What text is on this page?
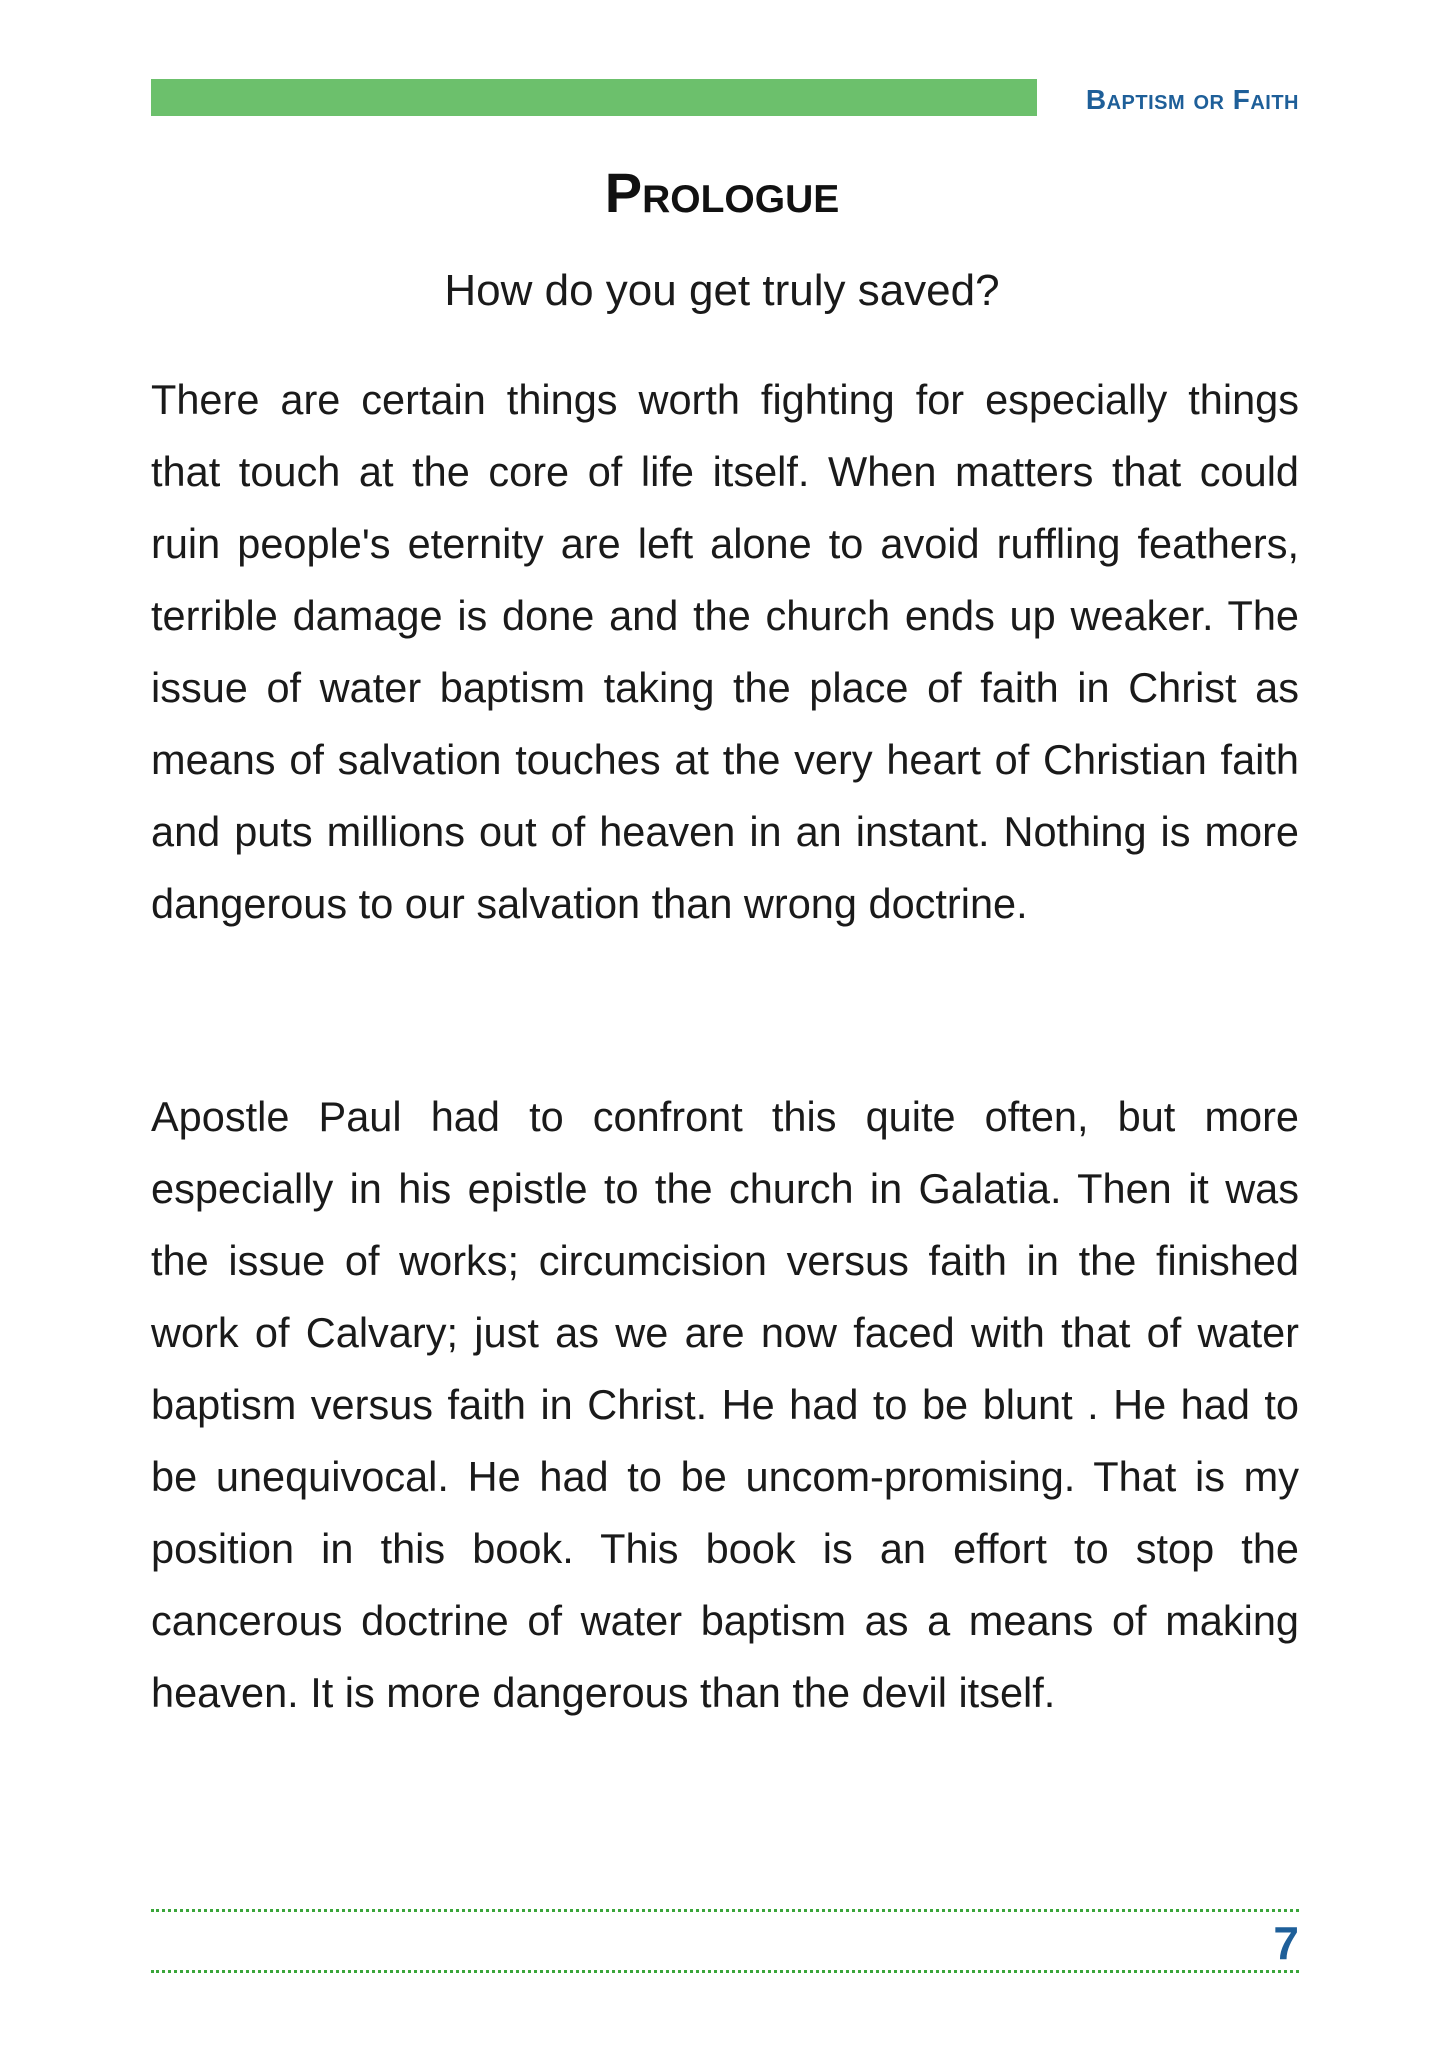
Baptism or Faith
Prologue

How do you get truly saved?

There are certain things worth fighting for especially things that touch at the core of life itself. When matters that could ruin people's eternity are left alone to avoid ruffling feathers, terrible damage is done and the church ends up weaker. The issue of water baptism taking the place of faith in Christ as means of salvation touches at the very heart of Christian faith and puts millions out of heaven in an instant. Nothing is more dangerous to our salvation than wrong doctrine.

Apostle Paul had to confront this quite often, but more especially in his epistle to the church in Galatia. Then it was the issue of works; circumcision versus faith in the finished work of Calvary; just as we are now faced with that of water baptism versus faith in Christ. He had to be blunt . He had to be unequivocal. He had to be uncom-promising. That is my position in this book. This book is an effort to stop the cancerous doctrine of water baptism as a means of making heaven. It is more dangerous than the devil itself.

7
